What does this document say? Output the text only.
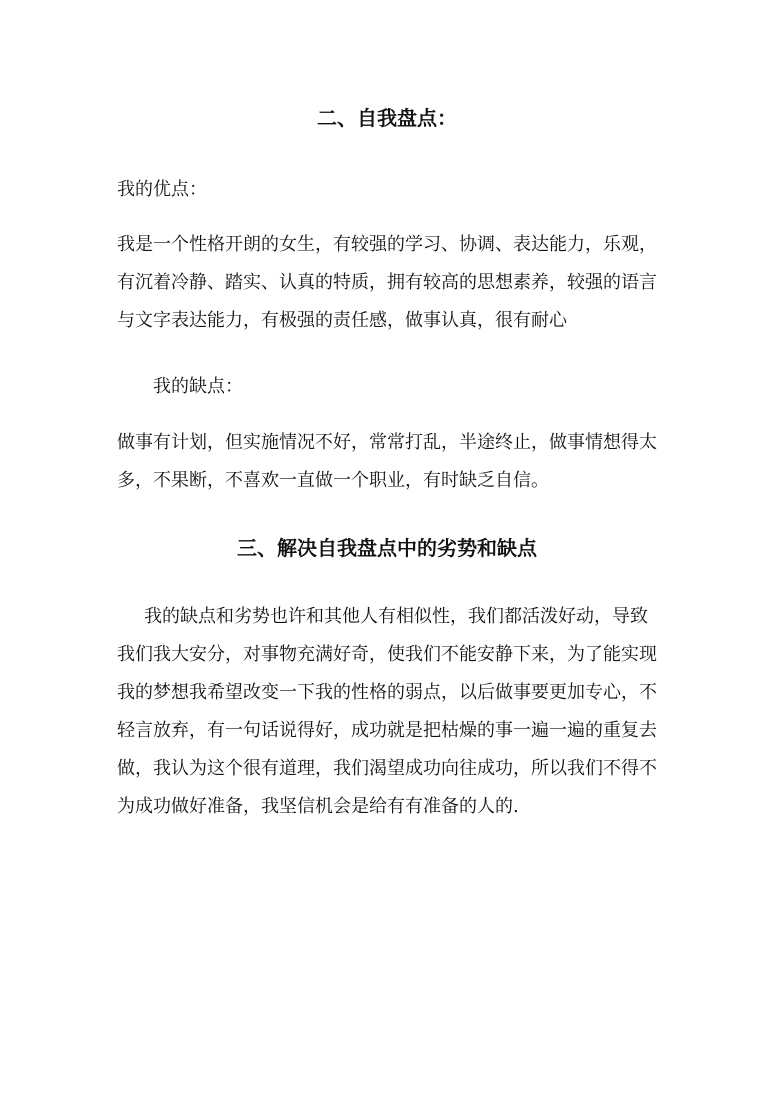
二、自我盘点：

我的优点：

我是一个性格开朗的女生，有较强的学习、协调、表达能力，乐观，
有沉着冷静、踏实、认真的特质，拥有较高的思想素养，较强的语言
与文字表达能力，有极强的责任感，做事认真，很有耐心

我的缺点：

做事有计划，但实施情况不好，常常打乱，半途终止，做事情想得太
多，不果断，不喜欢一直做一个职业，有时缺乏自信。
三、解决自我盘点中的劣势和缺点
我的缺点和劣势也许和其他人有相似性，我们都活泼好动，导致
我们我大安分，对事物充满好奇，使我们不能安静下来，为了能实现
我的梦想我希望改变一下我的性格的弱点，以后做事要更加专心，不
轻言放弃，有一句话说得好，成功就是把枯燥的事一遍一遍的重复去
做，我认为这个很有道理，我们渴望成功向往成功，所以我们不得不
为成功做好准备，我坚信机会是给有有准备的人的.
